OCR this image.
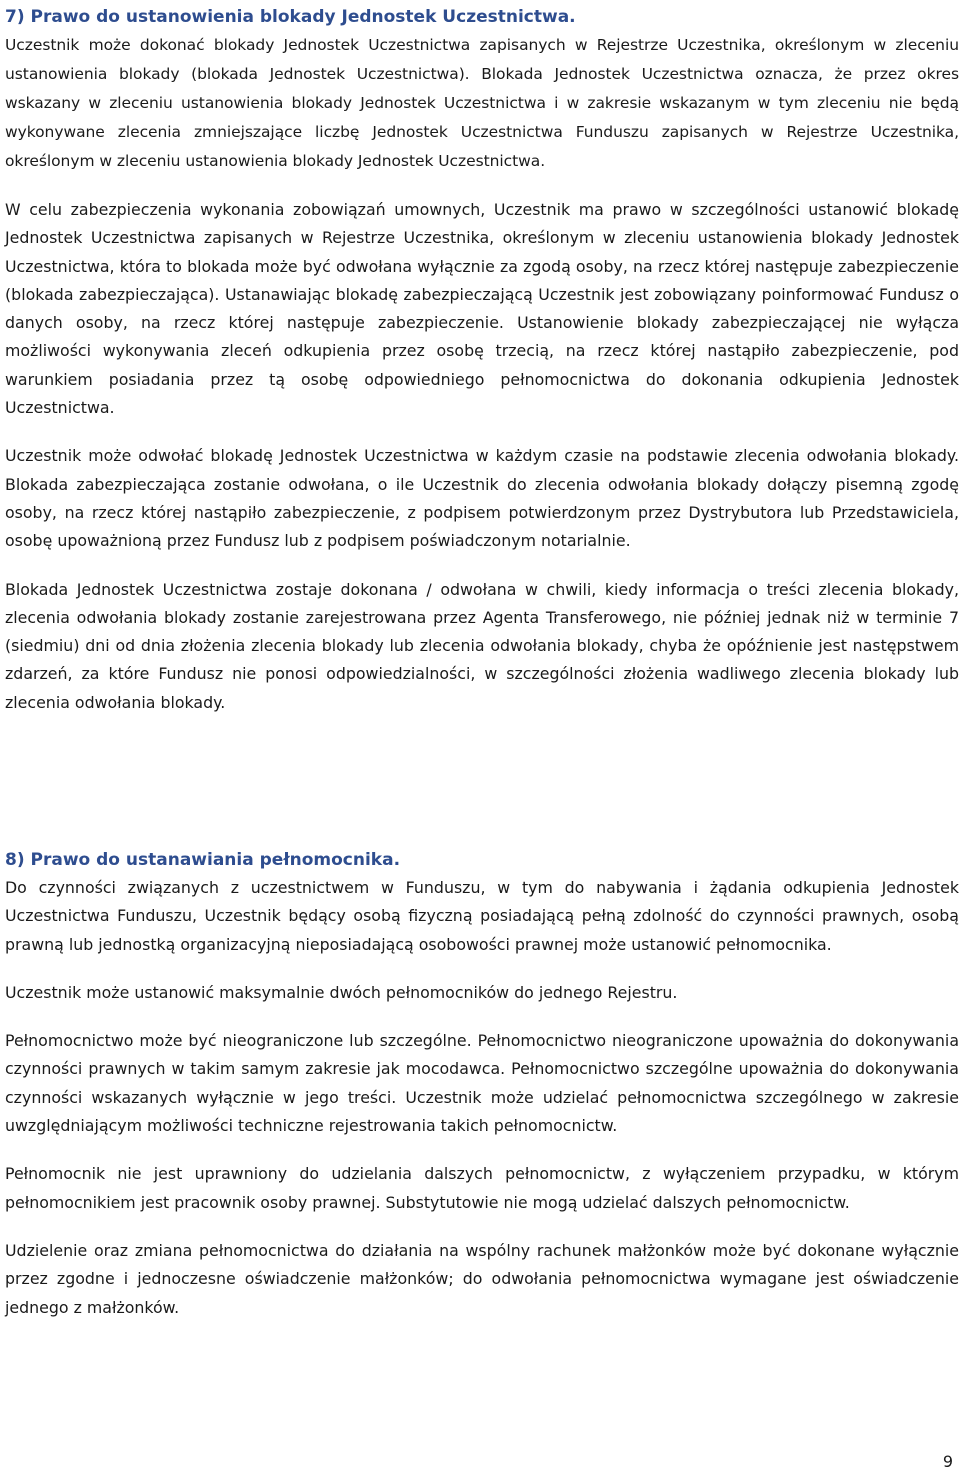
7) Prawo do ustanowienia blokady Jednostek Uczestnictwa.

Uczestnik może dokonać blokady Jednostek Uczestnictwa zapisanych w Rejestrze Uczestnika, określonym w zleceniu ustanowienia blokady (blokada Jednostek Uczestnictwa). Blokada Jednostek Uczestnictwa oznacza, że przez okres wskazany w zleceniu ustanowienia blokady Jednostek Uczestnictwa i w zakresie wskazanym w tym zleceniu nie będą wykonywane zlecenia zmniejszające liczbę Jednostek Uczestnictwa Funduszu zapisanych w Rejestrze Uczestnika, określonym w zleceniu ustanowienia blokady Jednostek Uczestnictwa.

W celu zabezpieczenia wykonania zobowiązań umownych, Uczestnik ma prawo w szczególności ustanowić blokadę Jednostek Uczestnictwa zapisanych w Rejestrze Uczestnika, określonym w zleceniu ustanowienia blokady Jednostek Uczestnictwa, która to blokada może być odwołana wyłącznie za zgodą osoby, na rzecz której następuje zabezpieczenie (blokada zabezpieczająca). Ustanawiając blokadę zabezpieczającą Uczestnik jest zobowiązany poinformować Fundusz o danych osoby, na rzecz której następuje zabezpieczenie. Ustanowienie blokady zabezpieczającej nie wyłącza możliwości wykonywania zleceń odkupienia przez osobę trzecią, na rzecz której nastąpiło zabezpieczenie, pod warunkiem posiadania przez tą osobę odpowiedniego pełnomocnictwa do dokonania odkupienia Jednostek Uczestnictwa.

Uczestnik może odwołać blokadę Jednostek Uczestnictwa w każdym czasie na podstawie zlecenia odwołania blokady. Blokada zabezpieczająca zostanie odwołana, o ile Uczestnik do zlecenia odwołania blokady dołączy pisemną zgodę osoby, na rzecz której nastąpiło zabezpieczenie, z podpisem potwierdzonym przez Dystrybutora lub Przedstawiciela, osobę upoważnioną przez Fundusz lub z podpisem poświadczonym notarialnie.

Blokada Jednostek Uczestnictwa zostaje dokonana / odwołana w chwili, kiedy informacja o treści zlecenia blokady, zlecenia odwołania blokady zostanie zarejestrowana przez Agenta Transferowego, nie później jednak niż w terminie 7 (siedmiu) dni od dnia złożenia zlecenia blokady lub zlecenia odwołania blokady, chyba że opóźnienie jest następstwem zdarzeń, za które Fundusz nie ponosi odpowiedzialności, w szczególności złożenia wadliwego zlecenia blokady lub zlecenia odwołania blokady.

8) Prawo do ustanawiania pełnomocnika.

Do czynności związanych z uczestnictwem w Funduszu, w tym do nabywania i żądania odkupienia Jednostek Uczestnictwa Funduszu, Uczestnik będący osobą fizyczną posiadającą pełną zdolność do czynności prawnych, osobą prawną lub jednostką organizacyjną nieposiadającą osobowości prawnej może ustanowić pełnomocnika.

Uczestnik może ustanowić maksymalnie dwóch pełnomocników do jednego Rejestru.

Pełnomocnictwo może być nieograniczone lub szczególne. Pełnomocnictwo nieograniczone upoważnia do dokonywania czynności prawnych w takim samym zakresie jak mocodawca. Pełnomocnictwo szczególne upoważnia do dokonywania czynności wskazanych wyłącznie w jego treści. Uczestnik może udzielać pełnomocnictwa szczególnego w zakresie uwzględniającym możliwości techniczne rejestrowania takich pełnomocnictw.

Pełnomocnik nie jest uprawniony do udzielania dalszych pełnomocnictw, z wyłączeniem przypadku, w którym pełnomocnikiem jest pracownik osoby prawnej. Substytutowie nie mogą udzielać dalszych pełnomocnictw.

Udzielenie oraz zmiana pełnomocnictwa do działania na wspólny rachunek małżonków może być dokonane wyłącznie przez zgodne i jednoczesne oświadczenie małżonków; do odwołania pełnomocnictwa wymagane jest oświadczenie jednego z małżonków.

9
